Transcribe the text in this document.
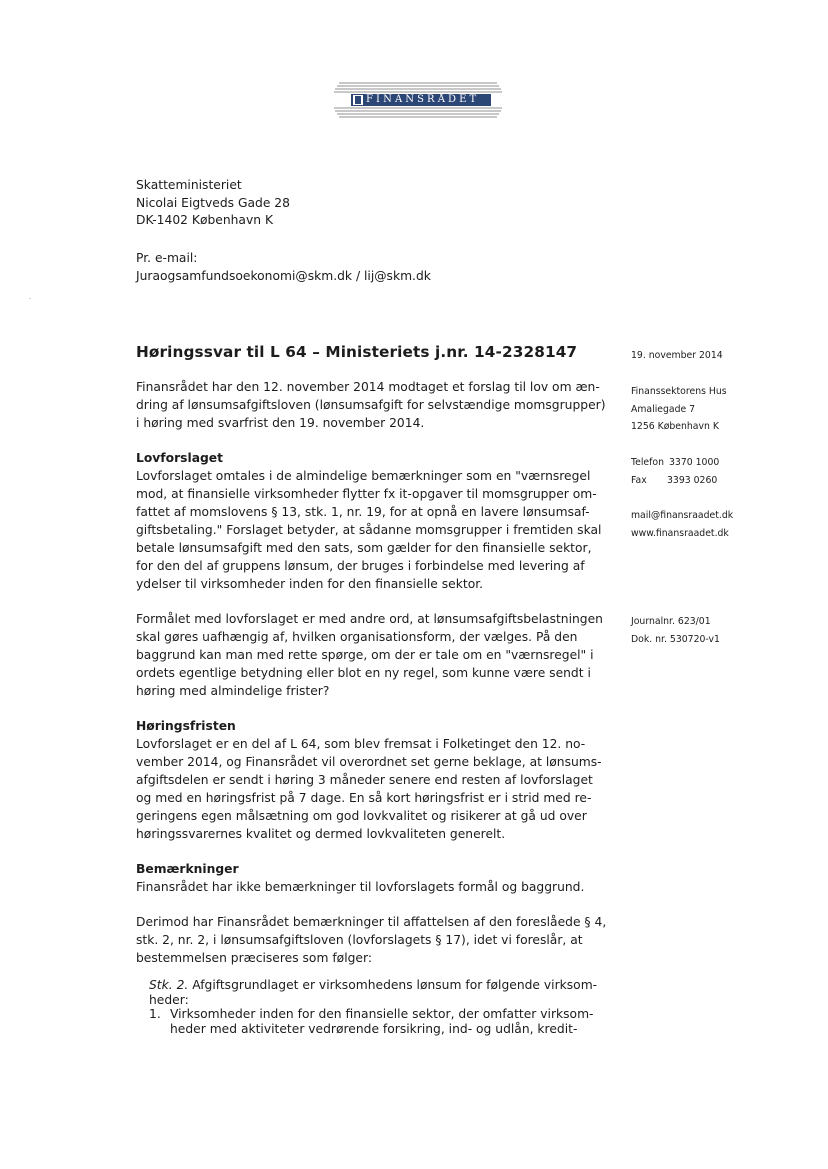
FINANSRÅDET
Skatteministeriet
Nicolai Eigtveds Gade 28
DK-1402 København K
Pr. e-mail:
Juraogsamfundsoekonomi@skm.dk / lij@skm.dk
Høringssvar til L 64 – Ministeriets j.nr. 14-2328147	19. november 2014
Finanssektorens Hus
Amaliegade 7
1256 København K
Telefon 3370 1000
Fax 3393 0260
mail@finansraadet.dk
www.finansraadet.dk
Journalnr. 623/01
Dok. nr. 530720-v1
Finansrådet har den 12. november 2014 modtaget et forslag til lov om æn-
dring af lønsumsafgiftsloven (lønsumsafgift for selvstændige momsgrupper)
i høring med svarfrist den 19. november 2014.
Lovforslaget
Lovforslaget omtales i de almindelige bemærkninger som en "værnsregel
mod, at finansielle virksomheder flytter fx it-opgaver til momsgrupper om-
fattet af momslovens § 13, stk. 1, nr. 19, for at opnå en lavere lønsumsaf-
giftsbetaling." Forslaget betyder, at sådanne momsgrupper i fremtiden skal
betale lønsumsafgift med den sats, som gælder for den finansielle sektor,
for den del af gruppens lønsum, der bruges i forbindelse med levering af
ydelser til virksomheder inden for den finansielle sektor.
Formålet med lovforslaget er med andre ord, at lønsumsafgiftsbelastningen
skal gøres uafhængig af, hvilken organisationsform, der vælges. På den
baggrund kan man med rette spørge, om der er tale om en "værnsregel" i
ordets egentlige betydning eller blot en ny regel, som kunne være sendt i
høring med almindelige frister?
Høringsfristen
Lovforslaget er en del af L 64, som blev fremsat i Folketinget den 12. no-
vember 2014, og Finansrådet vil overordnet set gerne beklage, at lønsums-
afgiftsdelen er sendt i høring 3 måneder senere end resten af lovforslaget
og med en høringsfrist på 7 dage. En så kort høringsfrist er i strid med re-
geringens egen målsætning om god lovkvalitet og risikerer at gå ud over
høringssvarernes kvalitet og dermed lovkvaliteten generelt.
Bemærkninger
Finansrådet har ikke bemærkninger til lovforslagets formål og baggrund.
Derimod har Finansrådet bemærkninger til affattelsen af den foreslåede § 4,
stk. 2, nr. 2, i lønsumsafgiftsloven (lovforslagets § 17), idet vi foreslår, at
bestemmelsen præciseres som følger:
Stk. 2. Afgiftsgrundlaget er virksomhedens lønsum for følgende virksom-
heder:
1. Virksomheder inden for den finansielle sektor, der omfatter virksom-
heder med aktiviteter vedrørende forsikring, ind- og udlån, kredit-
